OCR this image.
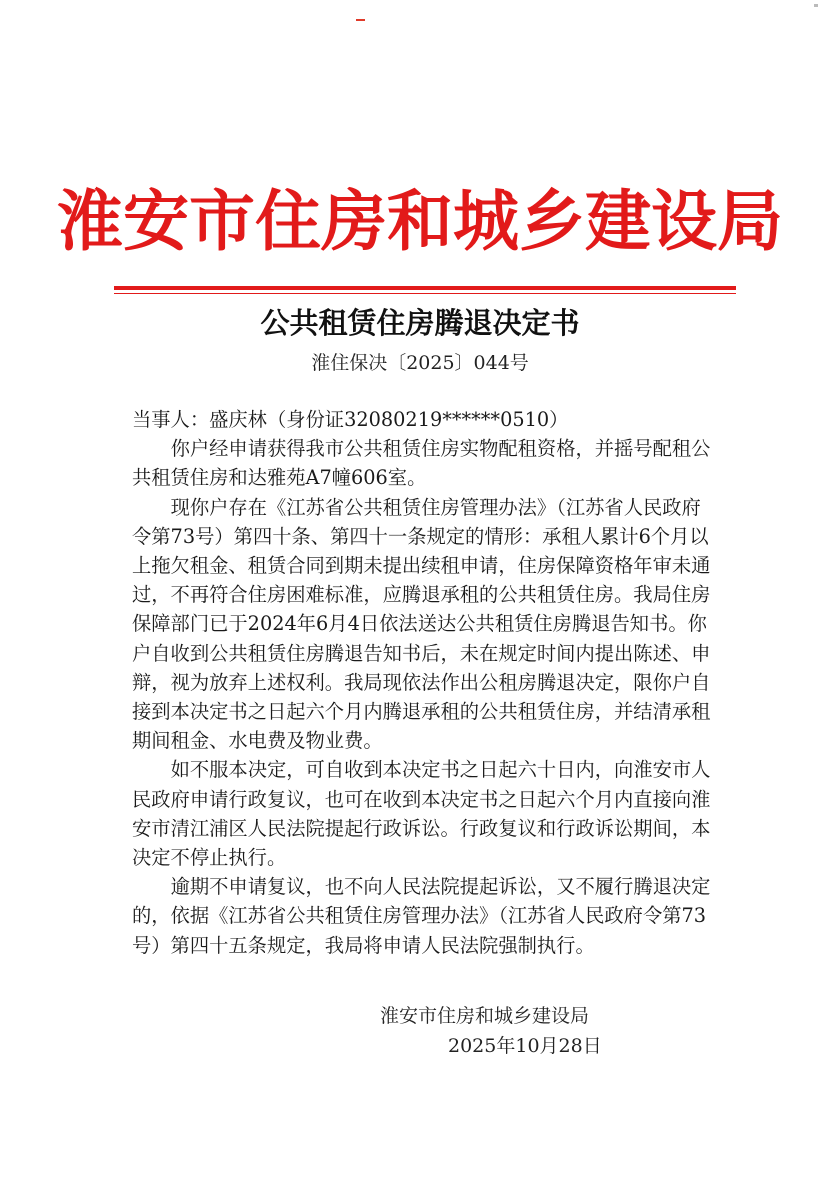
淮安市住房和城乡建设局
公共租赁住房腾退决定书
淮住保决〔2025〕044号

当事人：盛庆林（身份证32080219******0510）

你户经申请获得我市公共租赁住房实物配租资格，并摇号配租公共租赁住房和达雅苑A7幢606室。

现你户存在《江苏省公共租赁住房管理办法》（江苏省人民政府令第73号）第四十条、第四十一条规定的情形：承租人累计6个月以上拖欠租金、租赁合同到期未提出续租申请，住房保障资格年审未通过，不再符合住房困难标准，应腾退承租的公共租赁住房。我局住房保障部门已于2024年6月4日依法送达公共租赁住房腾退告知书。你户自收到公共租赁住房腾退告知书后，未在规定时间内提出陈述、申辩，视为放弃上述权利。我局现依法作出公租房腾退决定，限你户自接到本决定书之日起六个月内腾退承租的公共租赁住房，并结清承租期间租金、水电费及物业费。

如不服本决定，可自收到本决定书之日起六十日内，向淮安市人民政府申请行政复议，也可在收到本决定书之日起六个月内直接向淮安市清江浦区人民法院提起行政诉讼。行政复议和行政诉讼期间，本决定不停止执行。

逾期不申请复议，也不向人民法院提起诉讼，又不履行腾退决定的，依据《江苏省公共租赁住房管理办法》（江苏省人民政府令第73号）第四十五条规定，我局将申请人民法院强制执行。

淮安市住房和城乡建设局
2025年10月28日
